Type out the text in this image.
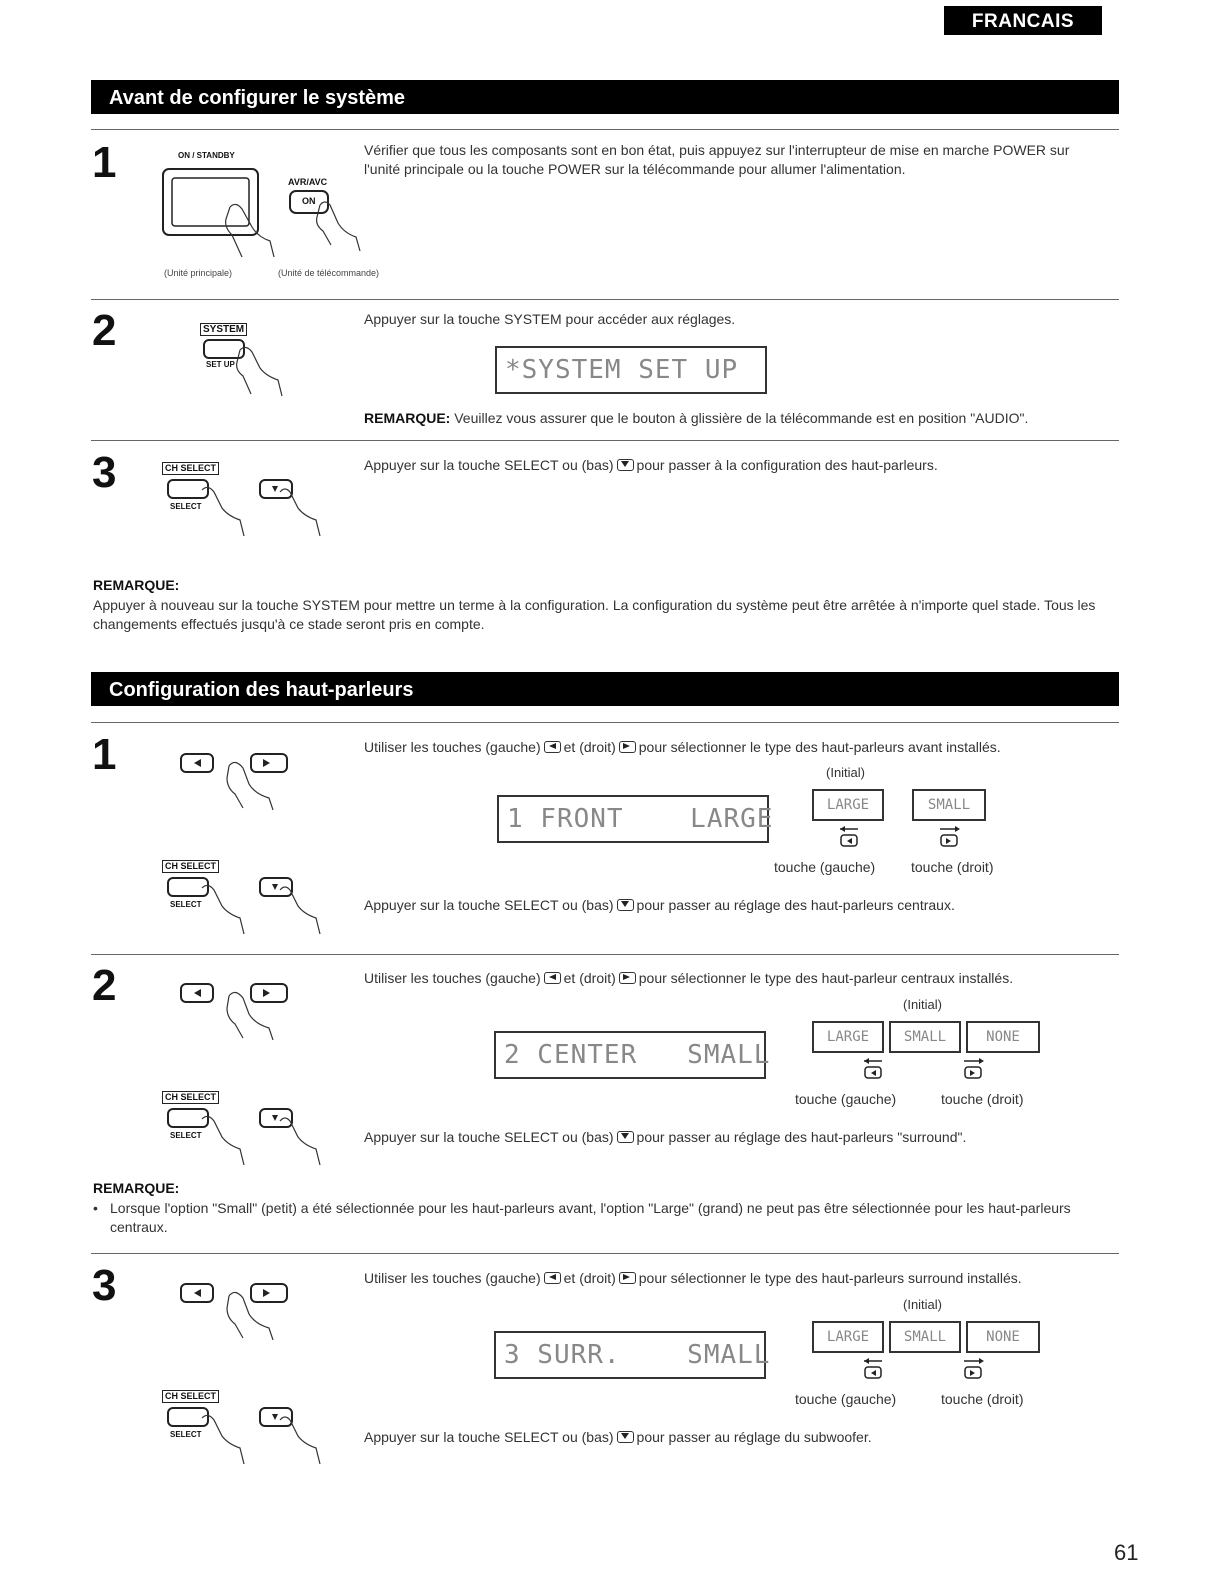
FRANCAIS
Avant de configurer le système
1	ON / STANDBY
AVR/AVC
ON
(Unité principale)	(Unité de télécommande)
Vérifier que tous les composants sont en bon état, puis appuyez sur l'interrupteur de mise en marche POWER sur l'unité principale ou la touche POWER sur la télécommande pour allumer l'alimentation.
2	SYSTEM
SET UP
Appuyer sur la touche SYSTEM pour accéder aux réglages.
*SYSTEM SET UP
REMARQUE: Veuillez vous assurer que le bouton à glissière de la télécommande est en position "AUDIO".
3	CH SELECT
SELECT
Appuyer sur la touche SELECT ou (bas) pour passer à la configuration des haut-parleurs.
REMARQUE:
Appuyer à nouveau sur la touche SYSTEM pour mettre un terme à la configuration. La configuration du système peut être arrêtée à n'importe quel stade. Tous les changements effectués jusqu'à ce stade seront pris en compte.
Configuration des haut-parleurs
1	Utiliser les touches (gauche) et (droit) pour sélectionner le type des haut-parleurs avant installés.
(Initial)
1 FRONT    LARGE	LARGE	SMALL
touche (gauche)	touche (droit)
CH SELECT
SELECT	Appuyer sur la touche SELECT ou (bas) pour passer au réglage des haut-parleurs centraux.
2	Utiliser les touches (gauche) et (droit) pour sélectionner le type des haut-parleur centraux installés.
(Initial)
2 CENTER   SMALL
LARGE	SMALL	NONE
touche (gauche)	touche (droit)
CH SELECT
SELECT	Appuyer sur la touche SELECT ou (bas) pour passer au réglage des haut-parleurs "surround".
REMARQUE:
• Lorsque l'option "Small" (petit) a été sélectionnée pour les haut-parleurs avant, l'option "Large" (grand) ne peut pas être sélectionnée pour les haut-parleurs centraux.
3	Utiliser les touches (gauche) et (droit) pour sélectionner le type des haut-parleurs surround installés.
(Initial)
3 SURR.    SMALL
LARGE	SMALL	NONE
touche (gauche)	touche (droit)
CH SELECT
SELECT	Appuyer sur la touche SELECT ou (bas) pour passer au réglage du subwoofer.
61
